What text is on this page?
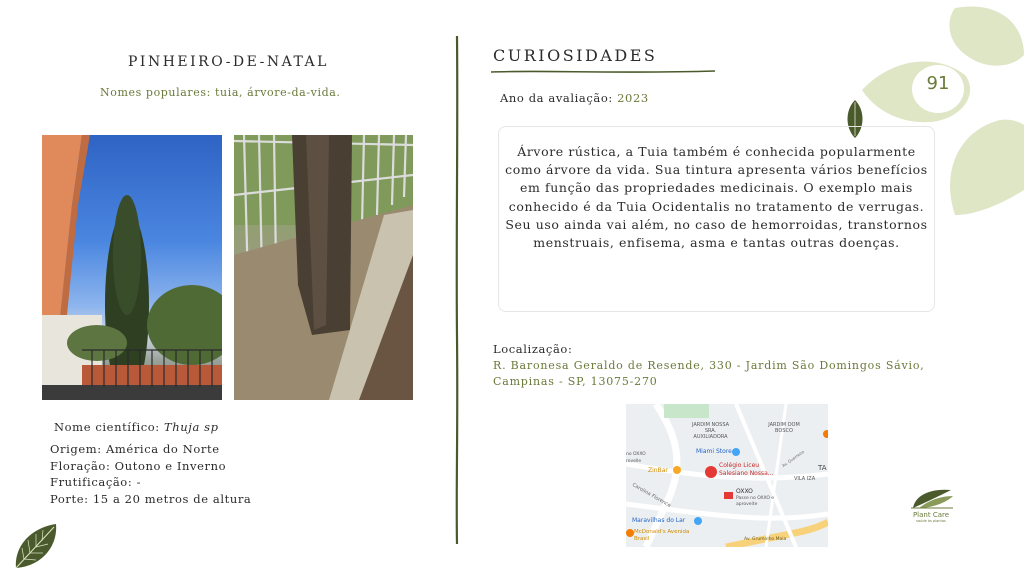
PINHEIRO-DE-NATAL
Nomes populares: tuia, árvore-da-vida.
Nome científico: Thuja sp
Origem: América do Norte
Floração: Outono e Inverno
Frutificação: -
Porte: 15 a 20 metros de altura
CURIOSIDADES
Ano da avaliação: 2023
91
Árvore rústica, a Tuia também é conhecida popularmente como árvore da vida. Sua tintura apresenta vários benefícios em função das propriedades medicinais. O exemplo mais conhecido é da Tuia Ocidentalis no tratamento de verrugas. Seu uso ainda vai além, no caso de hemorroidas, transtornos menstruais, enfisema, asma e tantas outras doenças.
Localização:
R. Baronesa Geraldo de Resende, 330 - Jardim São Domingos Sávio, Campinas - SP, 13075-270
JARDIM NOSSA SRA. AUXILIADORA
JARDIM DOM BOSCO
Miami Store
ZinBar
Colégio Liceu Salesiano Nossa...
OXXO
Passe no OXXO e aproveite
no OXXO
rovelle
Carolina Florence
VILA IZA
TA
Av. Guerreiro
Maravilhas do Lar
McDonald's Avenida Brasil	Av. Grumolho Maia
Plant Care
saúde às plantas
